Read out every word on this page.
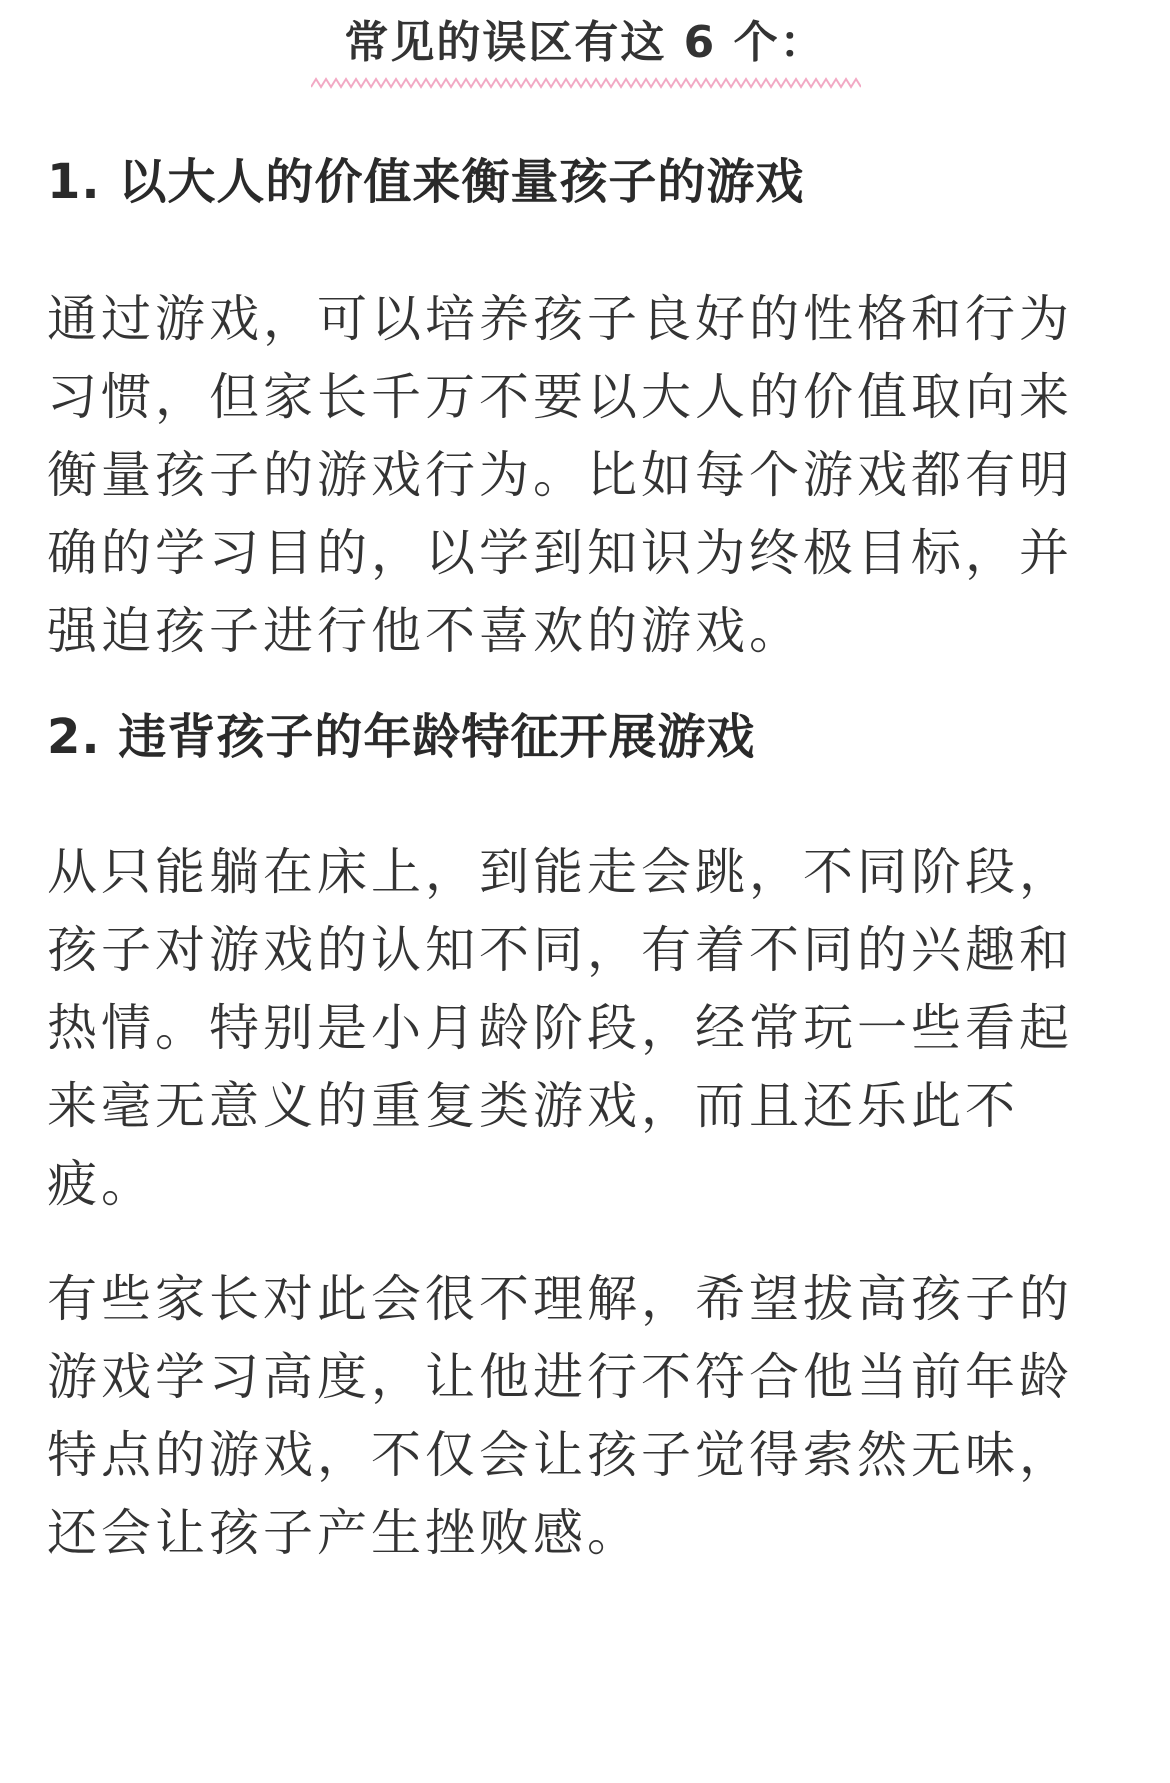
常见的误区有这 6 个：
1. 以大人的价值来衡量孩子的游戏
通过游戏，可以培养孩子良好的性格和行为
习惯，但家长千万不要以大人的价值取向来
衡量孩子的游戏行为。比如每个游戏都有明
确的学习目的，以学到知识为终极目标，并
强迫孩子进行他不喜欢的游戏。
2. 违背孩子的年龄特征开展游戏
从只能躺在床上，到能走会跳，不同阶段，
孩子对游戏的认知不同，有着不同的兴趣和
热情。特别是小月龄阶段，经常玩一些看起
来毫无意义的重复类游戏，而且还乐此不
疲。
有些家长对此会很不理解，希望拔高孩子的
游戏学习高度，让他进行不符合他当前年龄
特点的游戏，不仅会让孩子觉得索然无味，
还会让孩子产生挫败感。
